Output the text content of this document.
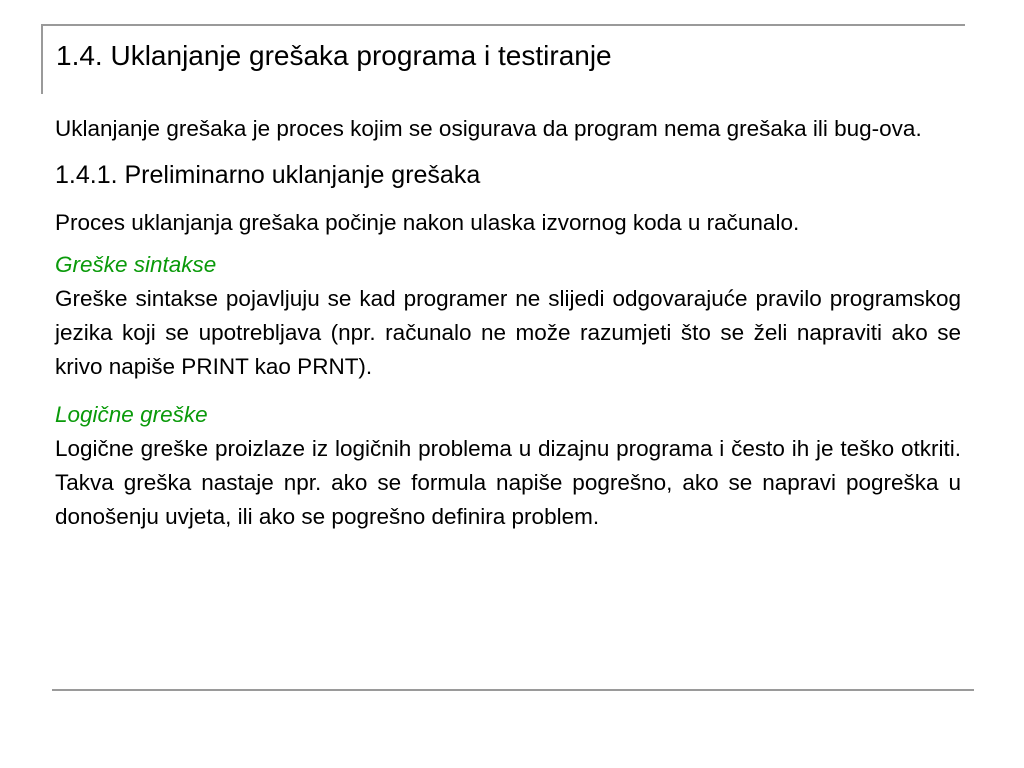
1.4. Uklanjanje grešaka programa i testiranje

Uklanjanje grešaka je proces kojim se osigurava da program nema grešaka ili bug-ova.

1.4.1. Preliminarno uklanjanje grešaka

Proces uklanjanja grešaka počinje nakon ulaska izvornog koda u računalo.

Greške sintakse

Greške sintakse pojavljuju se kad programer ne slijedi odgovarajuće pravilo programskog jezika koji se upotrebljava (npr. računalo ne može razumjeti što se želi napraviti ako se krivo napiše PRINT kao PRNT).

Logične greške

Logične greške proizlaze iz logičnih problema u dizajnu programa i često ih je teško otkriti. Takva greška nastaje npr. ako se formula napiše pogrešno, ako se napravi pogreška u donošenju uvjeta, ili ako se pogrešno definira problem.
